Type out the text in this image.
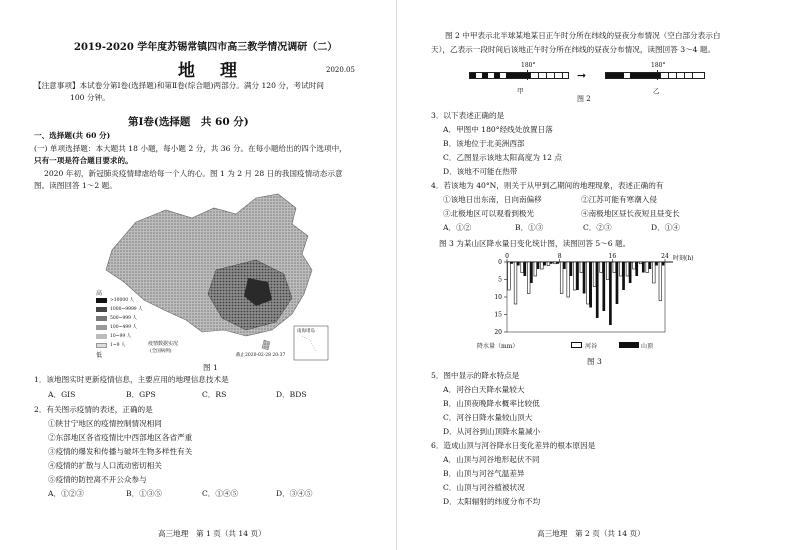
2019-2020 学年度苏锡常镇四市高三教学情况调研（二）
地　理	2020.05
【注意事项】本试卷分第Ⅰ卷(选择题)和第Ⅱ卷(综合题)两部分。满分 120 分，考试时间
100 分钟。
第Ⅰ卷(选择题　共 60 分)
一、选择题(共 60 分)
(一) 单项选择题：本大题共 18 小题，每小题 2 分，共 36 分。在每小题给出的四个选项中，
只有一项是符合题目要求的。
2020 年初，新冠肺炎疫情肆虐给每一个人的心。图 1 为 2 月 28 日的我国疫情动态示意
图。读图回答 1～2 题。
南海诸岛
高
>10000 人
1000~9999 人
500~999 人
100~499 人
10~99 人
1~9 人
低
疫情数据实况
(全国病例)
截止2020-02-28 20:37
图 1
1．该地图实时更新疫情信息，主要应用的地理信息技术是
A．GIS	B．GPS	C．RS	D．BDS
2．有关图示疫情的表述，正确的是
①陕甘宁地区的疫情控制情况相同
②东部地区各省疫情比中西部地区各省严重
③疫情的爆发和传播与破坏生物多样性有关
④疫情的扩散与人口流动密切相关
⑤疫情的防控离不开公众参与
A．①②③	B．①③⑤	C．①④⑤	D．③④⑤
高三地理　第 1 页（共 14 页）
图 2 中甲表示北半球某地某日正午时分所在纬线的昼夜分布情况（空白部分表示白
天），乙表示一段时间后该地正午时分所在纬线的昼夜分布情况，读图回答 3～4 题。
180°
甲
➞
180°
乙
图 2
3．以下表述正确的是
A．甲图中 180°经线处放置日落
B．该地位于北美洲西部
C．乙图显示该地太阳高度为 12 点
D．该地不可能在热带
4．若该地为 40°N，则关于从甲到乙期间的地理现象，表述正确的有
①该地日出东南，日向南偏移	②江苏可能有寒潮入侵
③北极地区可以观看到极光	④南极地区昼长夜短且昼变长
A．①②	B．①③	C．②③	D．①④
图 3 为某山区降水量日变化统计图，读图回答 5～6 题。
0
5
10
15
20
0	8	16	24 时刻(h)
降水量（mm）	河谷	山顶
图 3
5．图中显示的降水特点是
A．河谷白天降水量较大
B．山顶夜晚降水概率比较低
C．河谷日降水量较山顶大
D．从河谷到山顶降水量减小
6．造成山顶与河谷降水日变化差异的根本原因是
A．山顶与河谷地形起伏不同
B．山顶与河谷气温差异
C．山顶与河谷植被状况
D．太阳辐射的纬度分布不均
高三地理　第 2 页（共 14 页）
